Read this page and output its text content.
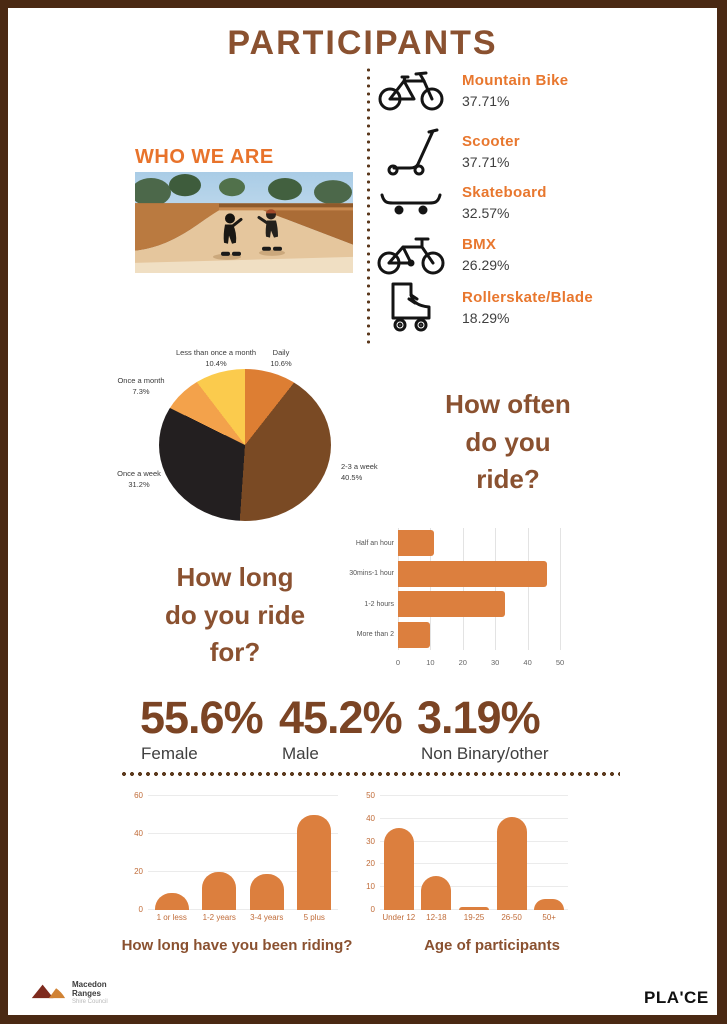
PARTICIPANTS
Mountain Bike
37.71%
Scooter
37.71%
Skateboard
32.57%
BMX
26.29%
Rollerskate/Blade
18.29%
WHO WE ARE
Daily
10.6%
2-3 a week
40.5%
Once a week
31.2%
Once a month
7.3%
Less than once a month
10.4%
How often
do you
ride?
How long
do you ride
for?
Half an hour
30mins-1 hour
1-2 hours
More than 2
0	10	20	30	40	50
55.6% 45.2% 3.19%
Female	Male	Non Binary/other
0
20
40
60
1 or less	1-2 years	3-4 years	5 plus
How long have you been riding?
0
10
20
30
40
50
Under 12	12-18	19-25	26-50	50+
Age of participants
Macedon
Ranges
Shire Council	PLA'CE
